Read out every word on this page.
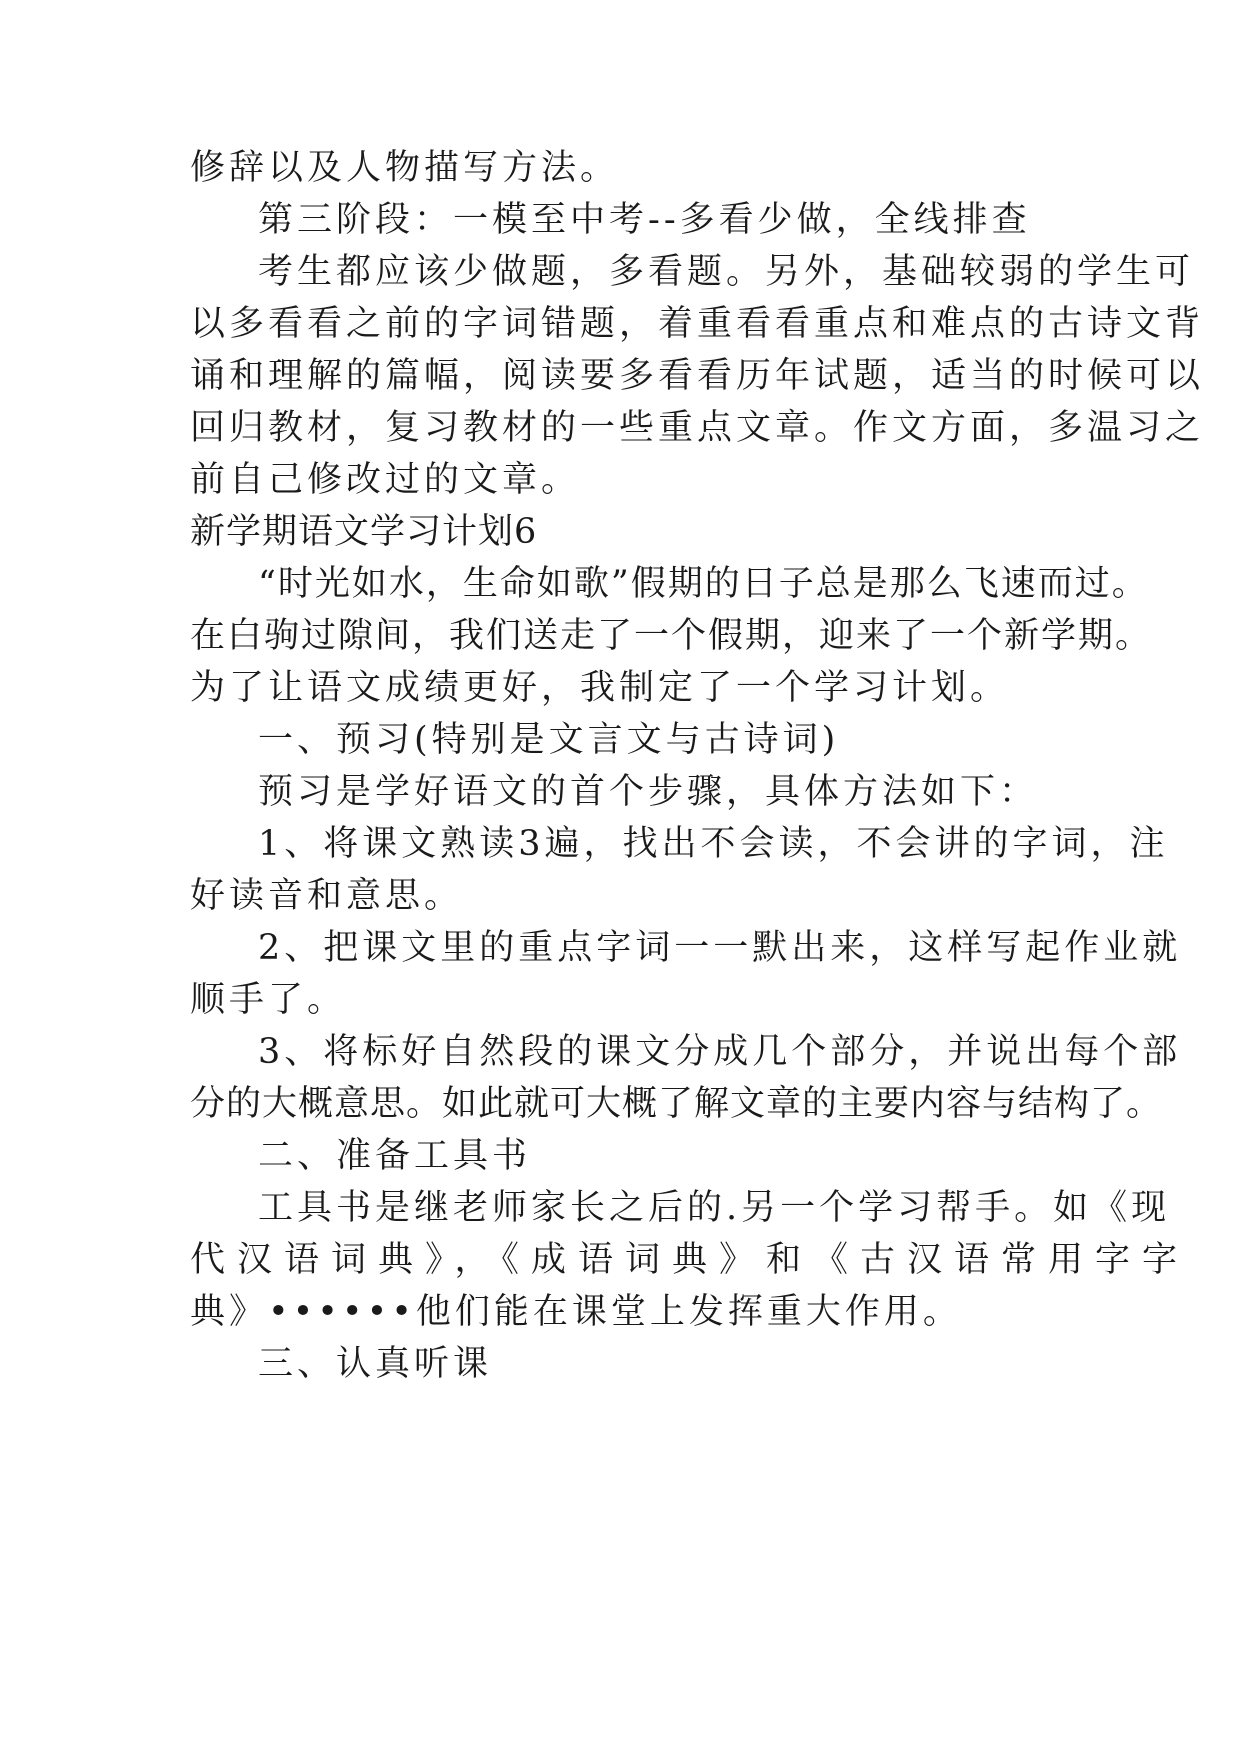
修辞以及人物描写方法。
第三阶段：一模至中考--多看少做，全线排查
考生都应该少做题，多看题。另外，基础较弱的学生可
以多看看之前的字词错题，着重看看重点和难点的古诗文背
诵和理解的篇幅，阅读要多看看历年试题，适当的时候可以
回归教材，复习教材的一些重点文章。作文方面，多温习之
前自己修改过的文章。
新学期语文学习计划6
“时光如水，生命如歌”假期的日子总是那么飞速而过。
在白驹过隙间，我们送走了一个假期，迎来了一个新学期。
为了让语文成绩更好，我制定了一个学习计划。
一、预习(特别是文言文与古诗词)
预习是学好语文的首个步骤，具体方法如下：
1、将课文熟读3遍，找出不会读，不会讲的字词，注
好读音和意思。
2、把课文里的重点字词一一默出来，这样写起作业就
顺手了。
3、将标好自然段的课文分成几个部分，并说出每个部
分的大概意思。如此就可大概了解文章的主要内容与结构了。
二、准备工具书
工具书是继老师家长之后的.另一个学习帮手。如《现
代汉语词典》，《成语词典》和《古汉语常用字字
典》••••••他们能在课堂上发挥重大作用。
三、认真听课
